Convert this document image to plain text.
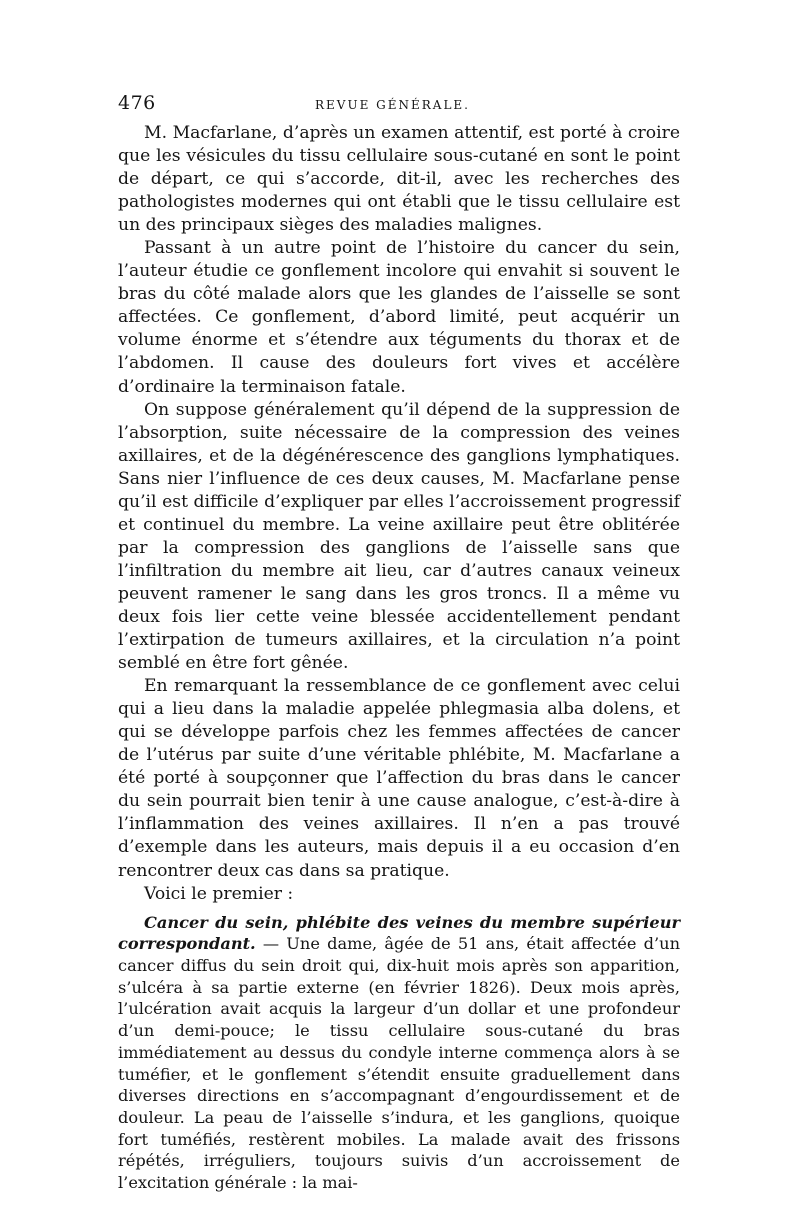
476	REVUE GÉNÉRALE.

M. Macfarlane, d’après un examen attentif, est porté à croire que les vésicules du tissu cellulaire sous-cutané en sont le point de départ, ce qui s’accorde, dit-il, avec les recherches des pathologistes modernes qui ont établi que le tissu cellulaire est un des principaux sièges des maladies malignes.

Passant à un autre point de l’histoire du cancer du sein, l’auteur étudie ce gonflement incolore qui envahit si souvent le bras du côté malade alors que les glandes de l’aisselle se sont affectées. Ce gonflement, d’abord limité, peut acquérir un volume énorme et s’étendre aux téguments du thorax et de l’abdomen. Il cause des douleurs fort vives et accélère d’ordinaire la terminaison fatale.

On suppose généralement qu’il dépend de la suppression de l’absorption, suite nécessaire de la compression des veines axillaires, et de la dégénérescence des ganglions lymphatiques. Sans nier l’influence de ces deux causes, M. Macfarlane pense qu’il est difficile d’expliquer par elles l’accroissement progressif et continuel du membre. La veine axillaire peut être oblitérée par la compression des ganglions de l’aisselle sans que l’infiltration du membre ait lieu, car d’autres canaux veineux peuvent ramener le sang dans les gros troncs. Il a même vu deux fois lier cette veine blessée accidentellement pendant l’extirpation de tumeurs axillaires, et la circulation n’a point semblé en être fort gênée.

En remarquant la ressemblance de ce gonflement avec celui qui a lieu dans la maladie appelée phlegmasia alba dolens, et qui se développe parfois chez les femmes affectées de cancer de l’utérus par suite d’une véritable phlébite, M. Macfarlane a été porté à soupçonner que l’affection du bras dans le cancer du sein pourrait bien tenir à une cause analogue, c’est-à-dire à l’inflammation des veines axillaires. Il n’en a pas trouvé d’exemple dans les auteurs, mais depuis il a eu occasion d’en rencontrer deux cas dans sa pratique.

Voici le premier :

Cancer du sein, phlébite des veines du membre supérieur correspondant. — Une dame, âgée de 51 ans, était affectée d’un cancer diffus du sein droit qui, dix-huit mois après son apparition, s’ulcéra à sa partie externe (en février 1826). Deux mois après, l’ulcération avait acquis la largeur d’un dollar et une profondeur d’un demi-pouce; le tissu cellulaire sous-cutané du bras immédiatement au dessus du condyle interne commença alors à se tuméfier, et le gonflement s’étendit ensuite graduellement dans diverses directions en s’accompagnant d’engourdissement et de douleur. La peau de l’aisselle s’indura, et les ganglions, quoique fort tuméfiés, restèrent mobiles. La malade avait des frissons répétés, irréguliers, toujours suivis d’un accroissement de l’excitation générale : la mai-
